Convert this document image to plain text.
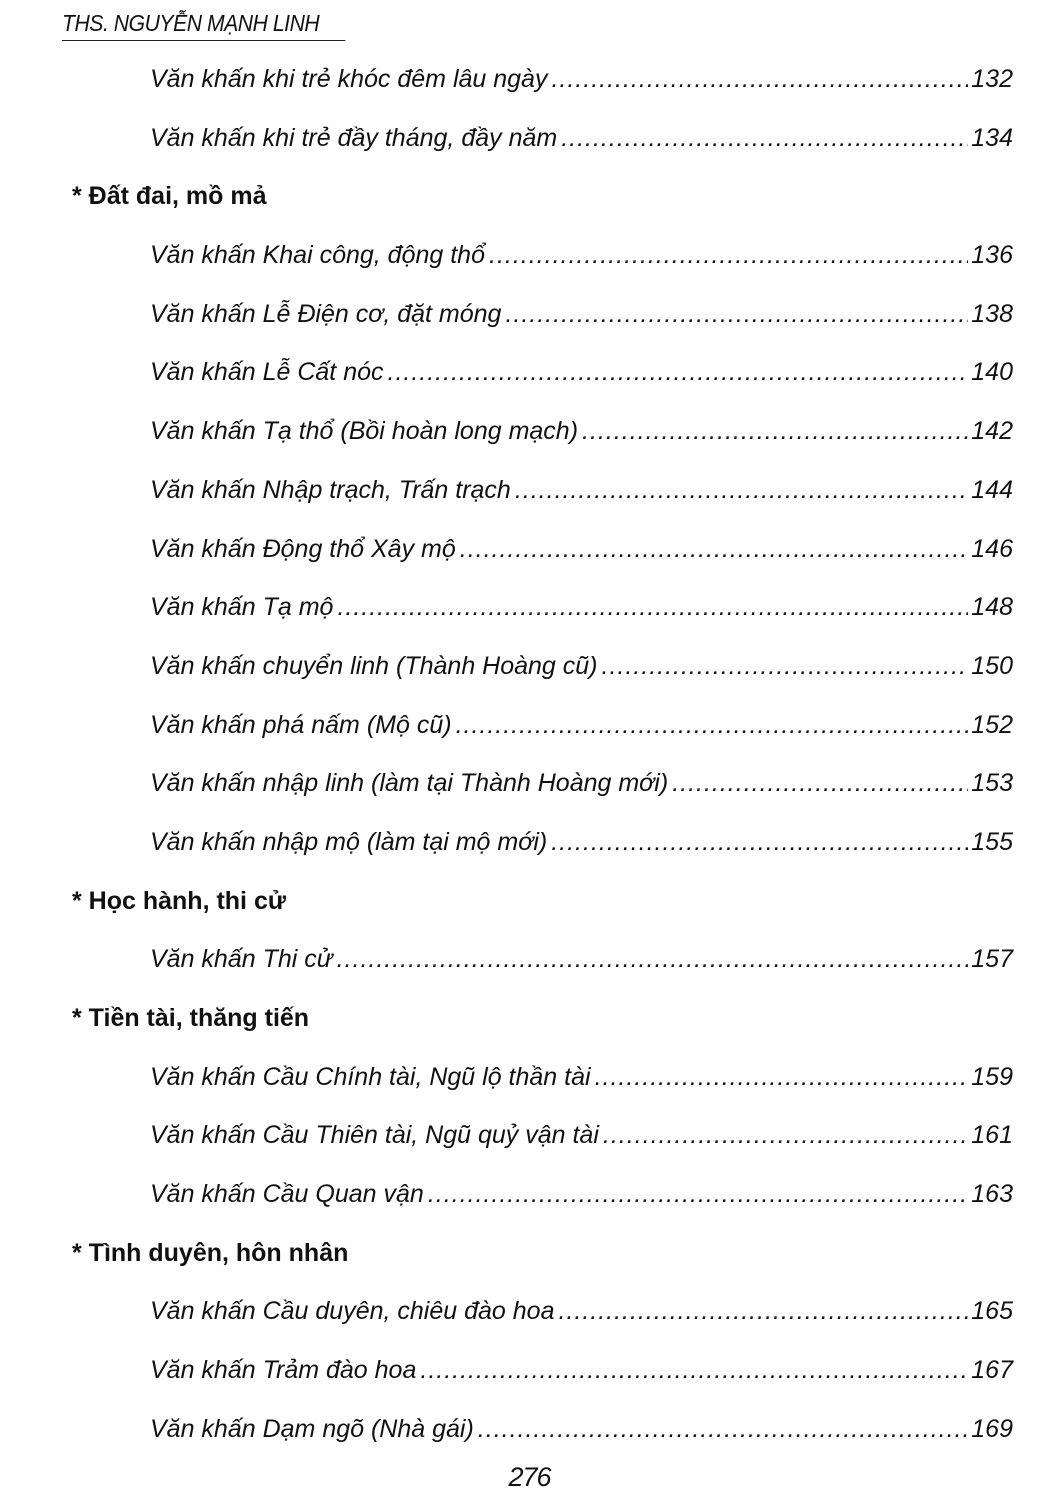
THS. NGUYỄN MẠNH LINH
Văn khấn khi trẻ khóc đêm lâu ngày .....	132
Văn khấn khi trẻ đầy tháng, đầy năm .....	134
* Đất đai, mồ mả
Văn khấn Khai công, động thổ .....	136
Văn khấn Lễ Điện cơ, đặt móng .....	138
Văn khấn Lễ Cất nóc .....	140
Văn khấn Tạ thổ (Bồi hoàn long mạch) .....	142
Văn khấn Nhập trạch, Trấn trạch .....	144
Văn khấn Động thổ Xây mộ .....	146
Văn khấn Tạ mộ .....	148
Văn khấn chuyển linh (Thành Hoàng cũ) .....	150
Văn khấn phá nấm (Mộ cũ) .....	152
Văn khấn nhập linh (làm tại Thành Hoàng mới) .....	153
Văn khấn nhập mộ (làm tại mộ mới) .....	155
* Học hành, thi cử
Văn khấn Thi cử .....	157
* Tiền tài, thăng tiến
Văn khấn Cầu Chính tài, Ngũ lộ thần tài .....	159
Văn khấn Cầu Thiên tài, Ngũ quỷ vận tài .....	161
Văn khấn Cầu Quan vận .....	163
* Tình duyên, hôn nhân
Văn khấn Cầu duyên, chiêu đào hoa .....	165
Văn khấn Trảm đào hoa .....	167
Văn khấn Dạm ngõ (Nhà gái) .....	169
276
